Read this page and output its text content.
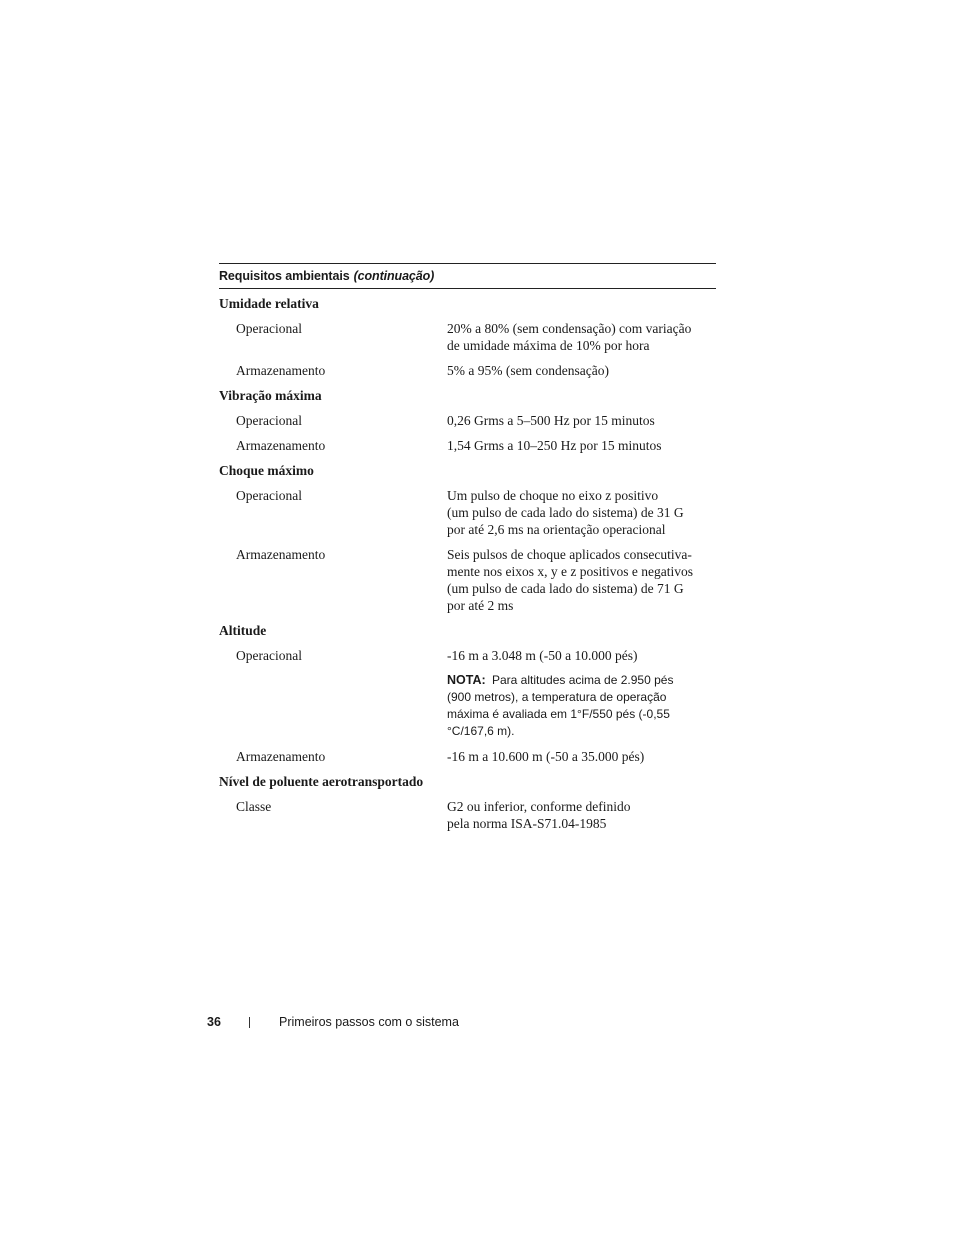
Requisitos ambientais (continuação)
Umidade relativa
Operacional	20% a 80% (sem condensação) com variação
de umidade máxima de 10% por hora
Armazenamento	5% a 95% (sem condensação)
Vibração máxima
Operacional	0,26 Grms a 5–500 Hz por 15 minutos
Armazenamento	1,54 Grms a 10–250 Hz por 15 minutos
Choque máximo
Operacional	Um pulso de choque no eixo z positivo
(um pulso de cada lado do sistema) de 31 G
por até 2,6 ms na orientação operacional
Armazenamento	Seis pulsos de choque aplicados consecutiva-
mente nos eixos x, y e z positivos e negativos
(um pulso de cada lado do sistema) de 71 G
por até 2 ms
Altitude
Operacional	-16 m a 3.048 m (-50 a 10.000 pés)
NOTA: Para altitudes acima de 2.950 pés (900 metros), a temperatura de operação máxima é avaliada em 1°F/550 pés (-0,55 °C/167,6 m).
Armazenamento	-16 m a 10.600 m (-50 a 35.000 pés)
Nível de poluente aerotransportado
Classe	G2 ou inferior, conforme definido
pela norma ISA-S71.04-1985
36	Primeiros passos com o sistema
